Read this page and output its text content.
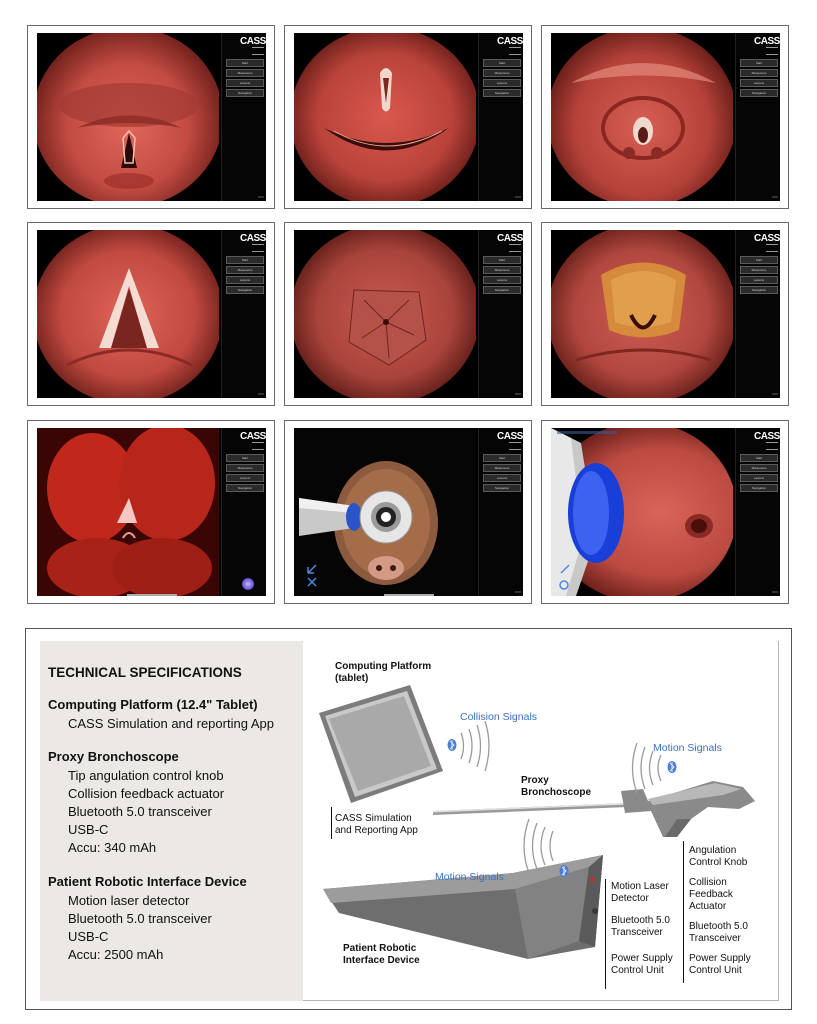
CASS
Start
Maneuvres
Lesions
Navigation
CASS
Start
Maneuvres
Lesions
Navigation
CASS
Start
Maneuvres
Lesions
Navigation
CASS
Start
Maneuvres
Lesions
Navigation
CASS
Start
Maneuvres
Lesions
Navigation
CASS
Start
Maneuvres
Lesions
Navigation
CASS
Start
Maneuvres
Lesions
Navigation
CASS
Start
Maneuvres
Lesions
Navigation
CASS
Start
Maneuvres
Lesions
Navigation
TECHNICAL SPECIFICATIONS
Computing Platform (12.4" Tablet)
CASS Simulation and reporting App
Proxy Bronchoscope
Tip angulation control knob
Collision feedback actuator
Bluetooth 5.0 transceiver
USB-C
Accu: 340 mAh
Patient Robotic Interface Device
Motion laser detector
Bluetooth 5.0 transceiver
USB-C
Accu: 2500 mAh
Computing Platform
(tablet)
Collision Signals
CASS Simulation
and Reporting App
Motion Signals
Proxy
Bronchoscope
Angulation
Control Knob
Collision
Feedback
Actuator
Bluetooth 5.0
Transceiver
Power Supply
Control Unit
Motion Signals
Motion Laser
Detector
Bluetooth 5.0
Transceiver
Power Supply
Control Unit
Patient Robotic
Interface Device
